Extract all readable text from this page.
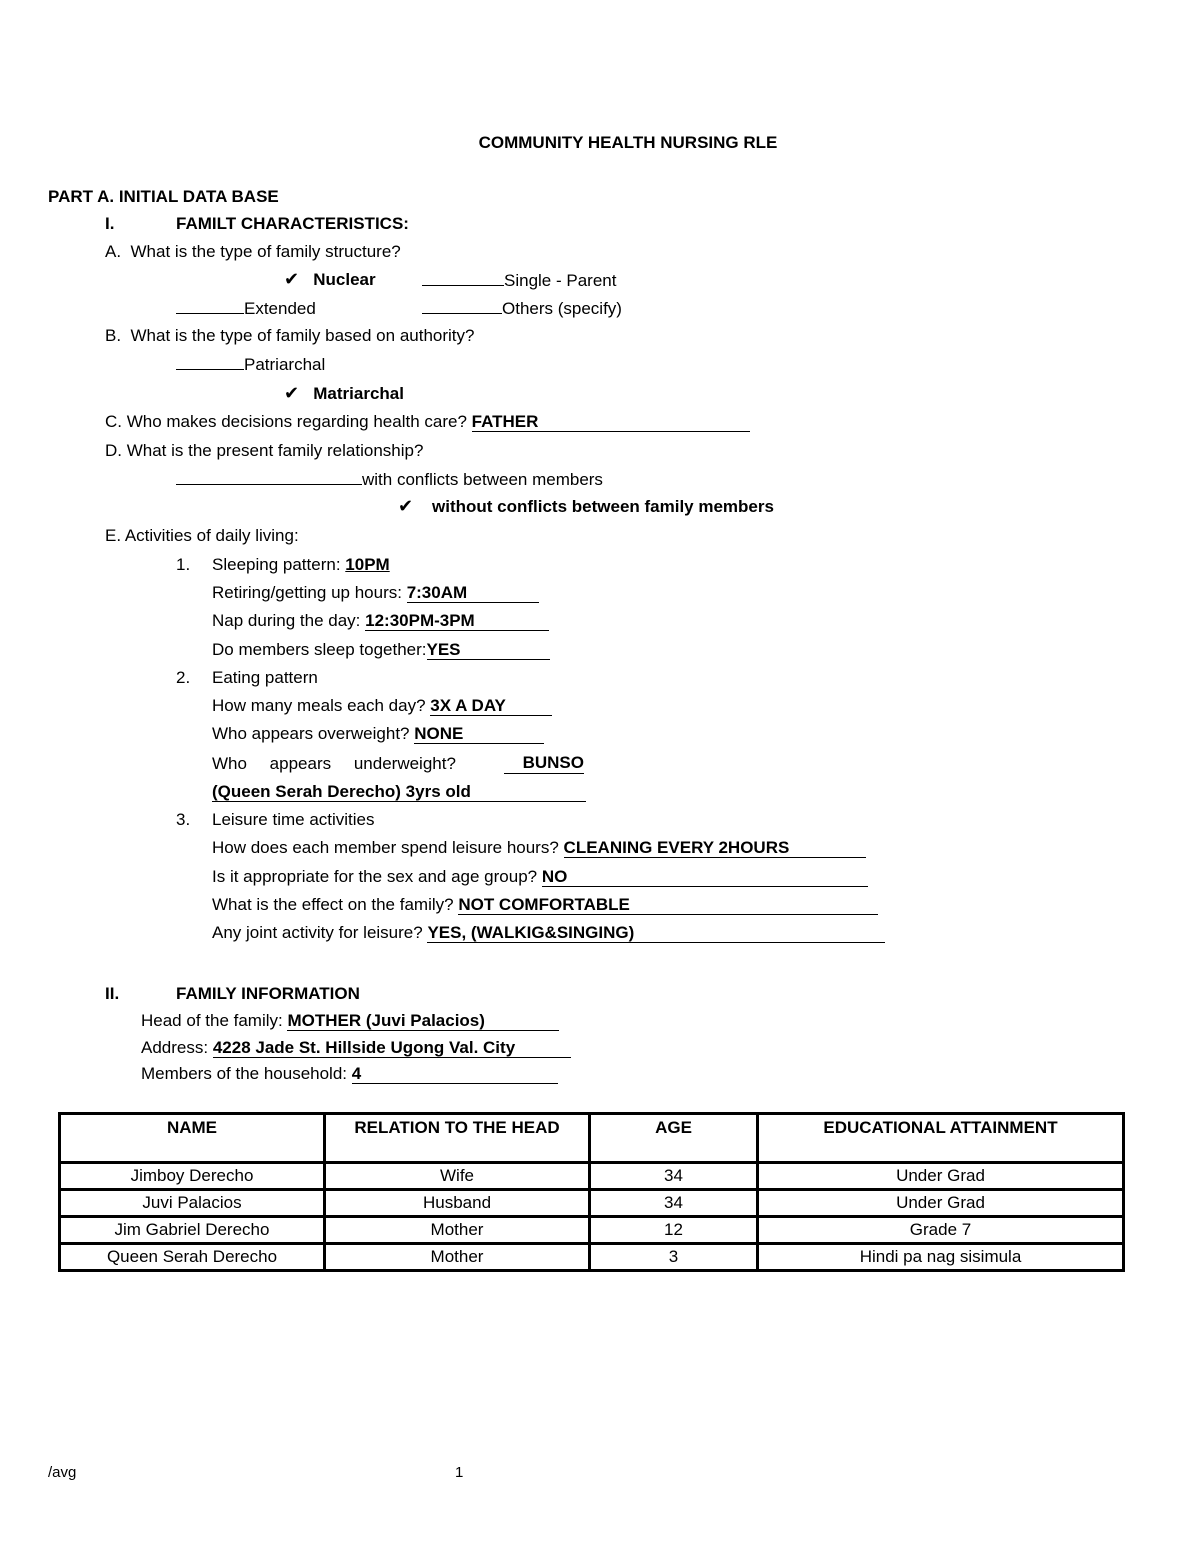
COMMUNITY HEALTH NURSING RLE
PART A. INITIAL DATA BASE
I.	FAMILT CHARACTERISTICS:
A. What is the type of family structure?
✔ Nuclear	Single - Parent
Extended	Others (specify)
B. What is the type of family based on authority?
Patriarchal
✔ Matriarchal
C. Who makes decisions regarding health care? FATHER
D. What is the present family relationship?
with conflicts between members
✔ without conflicts between family members
E. Activities of daily living:
1. Sleeping pattern: 10PM
Retiring/getting up hours: 7:30AM
Nap during the day: 12:30PM-3PM
Do members sleep together:YES
2. Eating pattern
How many meals each day? 3X A DAY
Who appears overweight? NONE
Who appears underweight?	BUNSO
(Queen Serah Derecho) 3yrs old
3. Leisure time activities
How does each member spend leisure hours? CLEANING EVERY 2HOURS
Is it appropriate for the sex and age group? NO
What is the effect on the family? NOT COMFORTABLE
Any joint activity for leisure? YES, (WALKIG&SINGING)
II.	FAMILY INFORMATION
Head of the family: MOTHER (Juvi Palacios)
Address: 4228 Jade St. Hillside Ugong Val. City
Members of the household: 4
NAME	RELATION TO THE HEAD	AGE	EDUCATIONAL ATTAINMENT
Jimboy Derecho	Wife	34	Under Grad
Juvi Palacios	Husband	34	Under Grad
Jim Gabriel Derecho	Mother	12	Grade 7
Queen Serah Derecho	Mother	3	Hindi pa nag sisimula
/avg	1
